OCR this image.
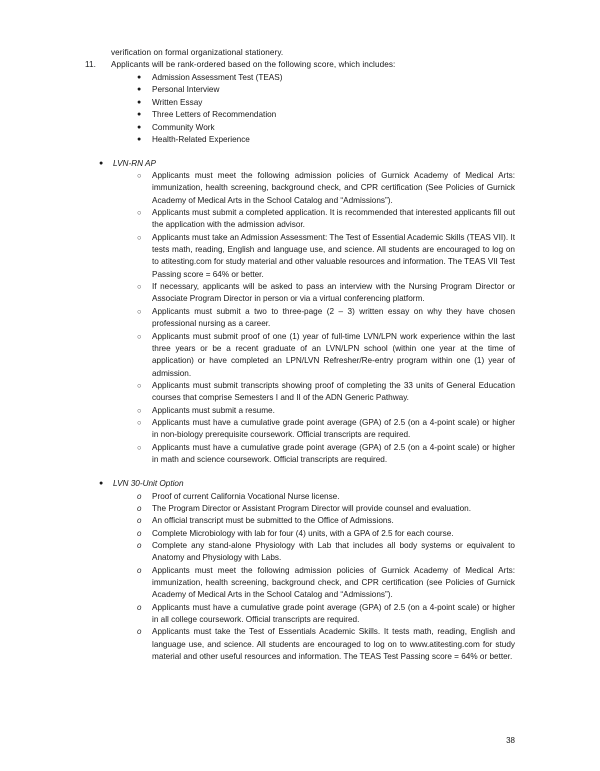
verification on formal organizational stationery.
11.	Applicants will be rank-ordered based on the following score, which includes:
● Admission Assessment Test (TEAS)
● Personal Interview
● Written Essay
● Three Letters of Recommendation
● Community Work
● Health-Related Experience
● LVN-RN AP
○ Applicants must meet the following admission policies of Gurnick Academy of Medical Arts: immunization, health screening, background check, and CPR certification (See Policies of Gurnick Academy of Medical Arts in the School Catalog and “Admissions”).
○ Applicants must submit a completed application. It is recommended that interested applicants fill out the application with the admission advisor.
○ Applicants must take an Admission Assessment: The Test of Essential Academic Skills (TEAS VII). It tests math, reading, English and language use, and science. All students are encouraged to log on to atitesting.com for study material and other valuable resources and information. The TEAS VII Test Passing score = 64% or better.
○ If necessary, applicants will be asked to pass an interview with the Nursing Program Director or Associate Program Director in person or via a virtual conferencing platform.
○ Applicants must submit a two to three-page (2 – 3) written essay on why they have chosen professional nursing as a career.
○ Applicants must submit proof of one (1) year of full-time LVN/LPN work experience within the last three years or be a recent graduate of an LVN/LPN school (within one year at the time of application) or have completed an LPN/LVN Refresher/Re-entry program within one (1) year of admission.
○ Applicants must submit transcripts showing proof of completing the 33 units of General Education courses that comprise Semesters I and II of the ADN Generic Pathway.
○ Applicants must submit a resume.
○ Applicants must have a cumulative grade point average (GPA) of 2.5 (on a 4-point scale) or higher in non-biology prerequisite coursework. Official transcripts are required.
○ Applicants must have a cumulative grade point average (GPA) of 2.5 (on a 4-point scale) or higher in math and science coursework. Official transcripts are required.
● LVN 30-Unit Option
o Proof of current California Vocational Nurse license.
o The Program Director or Assistant Program Director will provide counsel and evaluation.
o An official transcript must be submitted to the Office of Admissions.
o Complete Microbiology with lab for four (4) units, with a GPA of 2.5 for each course.
o Complete any stand-alone Physiology with Lab that includes all body systems or equivalent to Anatomy and Physiology with Labs.
o Applicants must meet the following admission policies of Gurnick Academy of Medical Arts: immunization, health screening, background check, and CPR certification (see Policies of Gurnick Academy of Medical Arts in the School Catalog and “Admissions”).
o Applicants must have a cumulative grade point average (GPA) of 2.5 (on a 4-point scale) or higher in all college coursework. Official transcripts are required.
o Applicants must take the Test of Essentials Academic Skills. It tests math, reading, English and language use, and science. All students are encouraged to log on to www.atitesting.com for study material and other useful resources and information. The TEAS Test Passing score = 64% or better.
38
